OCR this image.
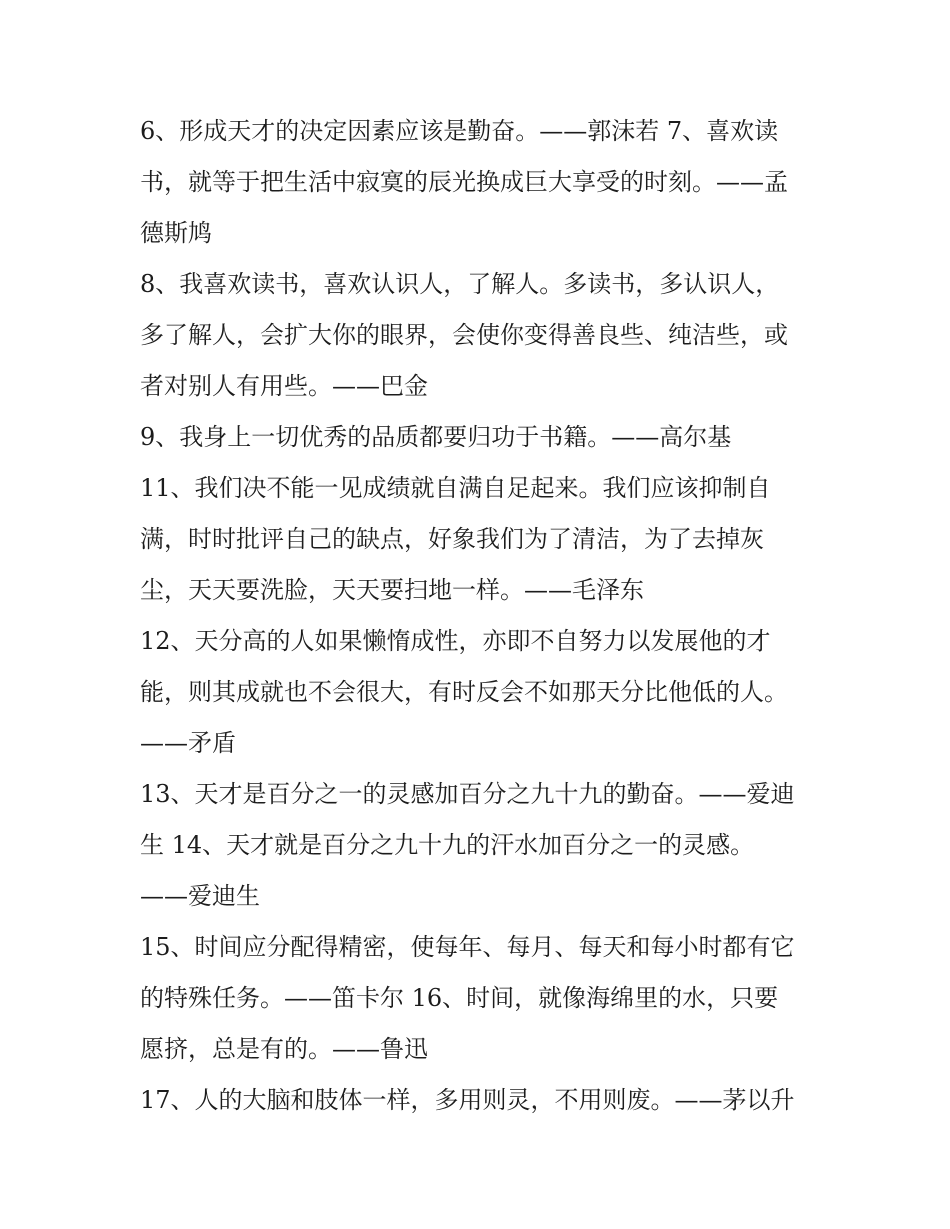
6、形成天才的决定因素应该是勤奋。——郭沫若 7、喜欢读
书，就等于把生活中寂寞的辰光换成巨大享受的时刻。——孟
德斯鸠
8、我喜欢读书，喜欢认识人，了解人。多读书，多认识人，
多了解人，会扩大你的眼界，会使你变得善良些、纯洁些，或
者对别人有用些。——巴金
9、我身上一切优秀的品质都要归功于书籍。——高尔基
11、我们决不能一见成绩就自满自足起来。我们应该抑制自
满，时时批评自己的缺点，好象我们为了清洁，为了去掉灰
尘，天天要洗脸，天天要扫地一样。——毛泽东
12、天分高的人如果懒惰成性，亦即不自努力以发展他的才
能，则其成就也不会很大，有时反会不如那天分比他低的人。
——矛盾
13、天才是百分之一的灵感加百分之九十九的勤奋。——爱迪
生 14、天才就是百分之九十九的汗水加百分之一的灵感。
——爱迪生
15、时间应分配得精密，使每年、每月、每天和每小时都有它
的特殊任务。——笛卡尔 16、时间，就像海绵里的水，只要
愿挤，总是有的。——鲁迅
17、人的大脑和肢体一样，多用则灵，不用则废。——茅以升
